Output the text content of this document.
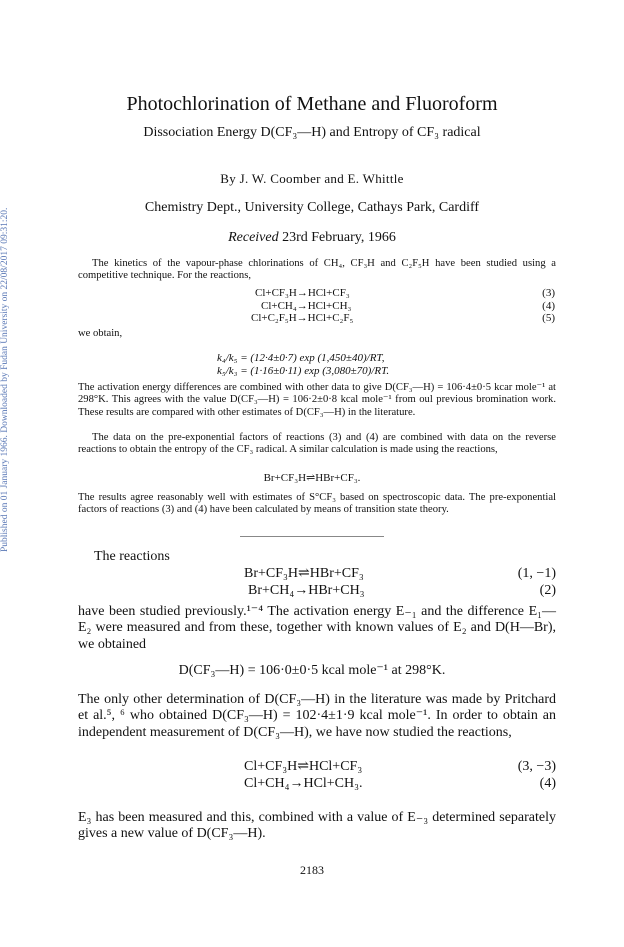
Published on 01 January 1966. Downloaded by Fudan University on 22/08/2017 09:31:20.
Photochlorination of Methane and Fluoroform
Dissociation Energy D(CF₃—H) and Entropy of CF₃ radical
By J. W. Coomber and E. Whittle
Chemistry Dept., University College, Cathays Park, Cardiff
Received 23rd February, 1966

The kinetics of the vapour-phase chlorinations of CH₄, CF₃H and C₂F₅H have been studied using a competitive technique. For the reactions,

Cl+CF₃H→HCl+CF₃	(3)
Cl+CH₄→HCl+CH₃	(4)
Cl+C₂F₅H→HCl+C₂F₅	(5)
we obtain,
k₄/k₅ = (12·4±0·7) exp (1,450±40)/RT,
k₅/k₃ = (1·16±0·11) exp (3,080±70)/RT.

The activation energy differences are combined with other data to give D(CF₃—H) = 106·4±0·5 kcar mole⁻¹ at 298°K. This agrees with the value D(CF₃—H) = 106·2±0·8 kcal mole⁻¹ from oul previous bromination work. These results are compared with other estimates of D(CF₃—H) in the literature.

The data on the pre-exponential factors of reactions (3) and (4) are combined with data on the reverse reactions to obtain the entropy of the CF₃ radical. A similar calculation is made using the reactions,

Br+CF₃H⇌HBr+CF₃.

The results agree reasonably well with estimates of S°CF₃ based on spectroscopic data. The pre-exponential factors of reactions (3) and (4) have been calculated by means of transition state theory.

The reactions
Br+CF₃H⇌HBr+CF₃	(1, −1)
Br+CH₄→HBr+CH₃	(2)

have been studied previously.¹⁻⁴ The activation energy E₋₁ and the difference E₁—E₂ were measured and from these, together with known values of E₂ and D(H—Br), we obtained

D(CF₃—H) = 106·0±0·5 kcal mole⁻¹ at 298°K.

The only other determination of D(CF₃—H) in the literature was made by Pritchard et al.⁵, ⁶ who obtained D(CF₃—H) = 102·4±1·9 kcal mole⁻¹. In order to obtain an independent measurement of D(CF₃—H), we have now studied the reactions,

Cl+CF₃H⇌HCl+CF₃	(3, −3)
Cl+CH₄→HCl+CH₃.	(4)

E₃ has been measured and this, combined with a value of E₋₃ determined separately gives a new value of D(CF₃—H).

2183
